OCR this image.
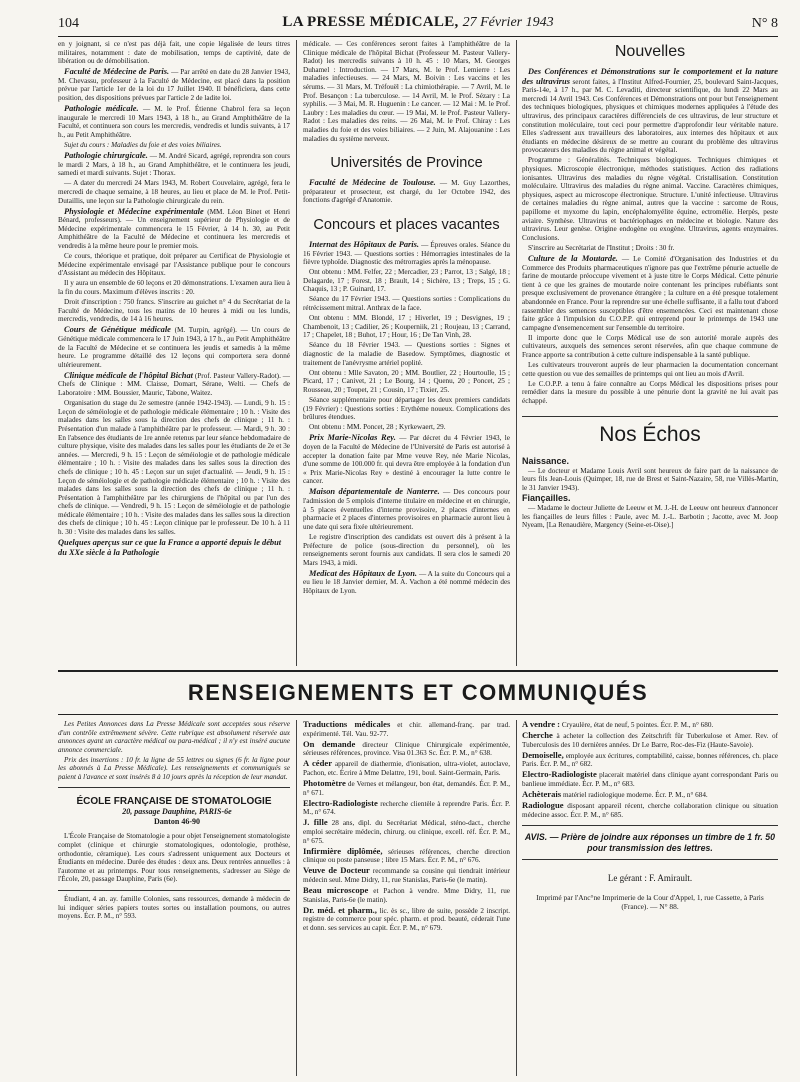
104	LA PRESSE MÉDICALE, 27 Février 1943	N° 8

en y joignant, si ce n'est pas déjà fait, une copie légalisée de leurs titres militaires, notamment : date de mobilisation, temps de captivité, date de libération ou de démobilisation.

Faculté de Médecine de Paris. — Par arrêté en date du 28 Janvier 1943, M. Chevassu, professeur à la Faculté de Médecine, est placé dans la position prévue par l'article 1er de la loi du 17 Juillet 1940. Il bénéficiera, dans cette position, des dispositions prévues par l'article 2 de ladite loi.

Pathologie médicale. — M. le Prof. Étienne Chabrol fera sa leçon inaugurale le mercredi 10 Mars 1943, à 18 h., au Grand Amphithéâtre de la Faculté, et continuera son cours les mercredis, vendredis et lundis suivants, à 17 h., au Petit Amphithéâtre.

Sujet du cours : Maladies du foie et des voies biliaires.

Pathologie chirurgicale. — M. André Sicard, agrégé, reprendra son cours le mardi 2 Mars, à 18 h., au Grand Amphithéâtre, et le continuera les jeudi, samedi et mardi suivants. Sujet : Thorax.

— A dater du mercredi 24 Mars 1943, M. Robert Couvelaire, agrégé, fera le mercredi de chaque semaine, à 18 heures, au lieu et place de M. le Prof. Petit-Dutaillis, une leçon sur la Pathologie chirurgicale du rein.

Physiologie et Médecine expérimentale (MM. Léon Binet et Henri Bénard, professeurs). — Un enseignement supérieur de Physiologie et de Médecine expérimentale commencera le 15 Février, à 14 h. 30, au Petit Amphithéâtre de la Faculté de Médecine et continuera les mercredis et vendredis à la même heure pour le premier mois.

Ce cours, théorique et pratique, doit préparer au Certificat de Physiologie et Médecine expérimentale envisagé par l'Assistance publique pour le concours d'Assistant au médecin des Hôpitaux.

Il y aura un ensemble de 60 leçons et 20 démonstrations. L'examen aura lieu à la fin du cours. Maximum d'élèves inscrits : 20.

Droit d'inscription : 750 francs. S'inscrire au guichet n° 4 du Secrétariat de la Faculté de Médecine, tous les matins de 10 heures à midi ou les lundis, mercredis, vendredis, de 14 à 16 heures.

Cours de Génétique médicale (M. Turpin, agrégé). — Un cours de Génétique médicale commencera le 17 Juin 1943, à 17 h., au Petit Amphithéâtre de la Faculté de Médecine et se continuera les jeudis et samedis à la même heure. Le programme détaillé des 12 leçons qui comportera sera donné ultérieurement.

Clinique médicale de l'hôpital Bichat (Prof. Pasteur Vallery-Radot). — Chefs de Clinique : MM. Claisse, Domart, Sérane, Welti. — Chefs de Laboratoire : MM. Boussier, Mauric, Tabone, Waitez.

Organisation du stage du 2e semestre (année 1942-1943). — Lundi, 9 h. 15 : Leçon de séméiologie et de pathologie médicale élémentaire ; 10 h. : Visite des malades dans les salles sous la direction des chefs de clinique ; 11 h. : Présentation d'un malade à l'amphithéâtre par le professeur. — Mardi, 9 h. 30 : En l'absence des étudiants de 1re année retenus par leur séance hebdomadaire de culture physique, visite des malades dans les salles pour les étudiants de 2e et 3e années. — Mercredi, 9 h. 15 : Leçon de séméiologie et de pathologie médicale élémentaire ; 10 h. : Visite des malades dans les salles sous la direction des chefs de clinique ; 10 h. 45 : Leçon sur un sujet d'actualité. — Jeudi, 9 h. 15 : Leçon de séméiologie et de pathologie médicale élémentaire ; 10 h. : Visite des malades dans les salles sous la direction des chefs de clinique ; 11 h. : Présentation à l'amphithéâtre par les chirurgiens de l'hôpital ou par l'un des chefs de clinique. — Vendredi, 9 h. 15 : Leçon de séméiologie et de pathologie médicale élémentaire ; 10 h. : Visite des malades dans les salles sous la direction des chefs de clinique ; 10 h. 45 : Leçon clinique par le professeur. De 10 h. à 11 h. 30 : Visite des malades dans les salles.

Quelques aperçus sur ce que la France a apporté depuis le début du XXe siècle à la Pathologie

médicale. — Ces conférences seront faites à l'amphithéâtre de la Clinique médicale de l'hôpital Bichat (Professeur M. Pasteur Vallery-Radot) les mercredis suivants à 10 h. 45 : 10 Mars, M. Georges Duhamel : Introduction. — 17 Mars, M. le Prof. Lemierre : Les maladies infectieuses. — 24 Mars, M. Boivin : Les vaccins et les sérums. — 31 Mars, M. Tréfouël : La chimiothérapie. — 7 Avril, M. le Prof. Besançon : La tuberculose. — 14 Avril, M. le Prof. Sézary : La syphilis. — 3 Mai, M. R. Huguenin : Le cancer. — 12 Mai : M. le Prof. Laubry : Les maladies du cœur. — 19 Mai, M. le Prof. Pasteur Vallery-Radot : Les maladies des reins. — 26 Mai, M. le Prof. Chiray : Les maladies du foie et des voies biliaires. — 2 Juin, M. Alajouanine : Les maladies du système nerveux.

Universités de Province

Faculté de Médecine de Toulouse. — M. Guy Lazorthes, préparateur et prosecteur, est chargé, du 1er Octobre 1942, des fonctions d'agrégé d'Anatomie.

Concours et places vacantes

Internat des Hôpitaux de Paris. — Épreuves orales. Séance du 16 Février 1943. — Questions sorties : Hémorragies intestinales de la fièvre typhoïde. Diagnostic des métrorragies après la ménopause.

Ont obtenu : MM. Felfer, 22 ; Mercadier, 23 ; Parrot, 13 ; Salgé, 18 ; Delagarde, 17 ; Forest, 18 ; Brault, 14 ; Sichère, 13 ; Treps, 15 ; G. Chaquis, 13 ; P. Guinard, 17.

Séance du 17 Février 1943. — Questions sorties : Complications du rétrécissement mitral. Anthrax de la face.

Ont obtenu : MM. Blondé, 17 ; Hiverlet, 19 ; Desvignes, 19 ; Chambenoit, 13 ; Cadilier, 26 ; Kouperniik, 21 ; Roujeau, 13 ; Carrand, 17 ; Chapelet, 18 ; Buhot, 17 ; Hour, 16 ; De Tan Vinh, 28.

Séance du 18 Février 1943. — Questions sorties : Signes et diagnostic de la maladie de Basedow. Symptômes, diagnostic et traitement de l'anévrysme artériel poplité.

Ont obtenu : Mlle Savaton, 20 ; MM. Boutlier, 22 ; Hourtoulle, 15 ; Picard, 17 ; Canivet, 21 ; Le Bourg, 14 ; Quenu, 20 ; Poncet, 25 ; Rousseau, 20 ; Toupet, 21 ; Cousin, 17 ; Tixier, 25.

Séance supplémentaire pour départager les deux premiers candidats (19 Février) : Questions sorties : Erythème noueux. Complications des brûlures étendues.

Ont obtenu : MM. Poncet, 28 ; Kyrkewaert, 29.

Prix Marie-Nicolas Rey. — Par décret du 4 Février 1943, le doyen de la Faculté de Médecine de l'Université de Paris est autorisé à accepter la donation faite par Mme veuve Rey, née Marie Nicolas, d'une somme de 100.000 fr. qui devra être employée à la fondation d'un « Prix Marie-Nicolas Rey » destiné à encourager la lutte contre le cancer.

Maison départementale de Nanterre. — Des concours pour l'admission de 5 emplois d'interne titulaire en médecine et en chirurgie, à 5 places éventuelles d'interne provisoire, 2 places d'internes en pharmacie et 2 places d'internes provisoires en pharmacie auront lieu à une date qui sera fixée ultérieurement.

Le registre d'inscription des candidats est ouvert dès à présent à la Préfecture de police (sous-direction du personnel), où les renseignements seront fournis aux candidats. Il sera clos le samedi 20 Mars 1943, à midi.

Medicat des Hôpitaux de Lyon. — A la suite du Concours qui a eu lieu le 18 Janvier dernier, M. A. Vachon a été nommé médecin des Hôpitaux de Lyon.

Nouvelles

Des Conférences et Démonstrations sur le comportement et la nature des ultravirus seront faites, à l'Institut Alfred-Fournier, 25, boulevard Saint-Jacques, Paris-14e, à 17 h., par M. C. Levaditi, directeur scientifique, du lundi 22 Mars au mercredi 14 Avril 1943. Ces Conférences et Démonstrations ont pour but l'enseignement des techniques biologiques, physiques et chimiques modernes appliquées à l'étude des ultravirus, des principaux caractères différenciels de ces ultravirus, de leur structure et constitution moléculaire, tout ceci pour permettre d'approfondir leur véritable nature. Elles s'adressent aux travailleurs des laboratoires, aux internes des hôpitaux et aux étudiants en médecine désireux de se mettre au courant du problème des ultravirus provocateurs des maladies du règne animal et végétal.

Programme : Généralités. Techniques biologiques. Techniques chimiques et physiques. Microscopie électronique, méthodes statistiques. Action des radiations ionisantes. Ultravirus des maladies du règne végétal. Cristallisation. Constitution moléculaire. Ultravirus des maladies du règne animal. Vaccine. Caractères chimiques, physiques, aspect au microscope électronique. Structure. L'unité infectieuse. Ultravirus de certaines maladies du règne animal, autres que la vaccine : sarcome de Rous, papillome et myxome du lapin, encéphalomyélite équine, ectromélie. Herpès, peste aviaire. Synthèse. Ultravirus et bactériophages en médecine et biologie. Nature des ultravirus. Leur genèse. Origine endogène ou exogène. Ultravirus, agents enzymaires. Conclusions.

S'inscrire au Secrétariat de l'Institut ; Droits : 30 fr.

Culture de la Moutarde. — Le Comité d'Organisation des Industries et du Commerce des Produits pharmaceutiques n'ignore pas que l'extrême pénurie actuelle de farine de moutarde préoccupe vivement et à juste titre le Corps Médical. Cette pénurie tient à ce que les graines de moutarde noire contenant les principes rubéfiants sont presque exclusivement de provenance étrangère ; la culture en a été presque totalement abandonnée en France. Pour la reprendre sur une échelle suffisante, il a fallu tout d'abord rassembler des semences susceptibles d'être ensemencées. Ceci est maintenant chose faite grâce à l'impulsion du C.O.P.P. qui entreprend pour le printemps de 1943 une campagne d'ensemencement sur l'ensemble du territoire.

Il importe donc que le Corps Médical use de son autorité morale auprès des cultivateurs, auxquels des semences seront réservées, afin que chaque commune de France apporte sa contribution à cette culture indispensable à la santé publique.

Les cultivateurs trouveront auprès de leur pharmacien la documentation concernant cette question ou vue des semailles de printemps qui ont lieu au mois d'Avril.

Le C.O.P.P. a tenu à faire connaître au Corps Médical les dispositions prises pour remédier dans la mesure du possible à une pénurie dont la gravité ne lui avait pas échappé.

Nos Échos

Naissance.

— Le docteur et Madame Louis Avril sont heureux de faire part de la naissance de leurs fils Jean-Louis (Quimper, 18, rue de Brest et Saint-Nazaire, 58, rue Villès-Martin, le 31 Janvier 1943).

Fiançailles.

— Madame le docteur Juliette de Leeuw et M. J.-H. de Leeuw ont heureux d'annoncer les fiançailles de leurs filles : Paule, avec M. J.-L. Barbotin ; Jacotte, avec M. Joop Nyeam, [La Renaudière, Margency (Seine-et-Oise).]

RENSEIGNEMENTS ET COMMUNIQUÉS

Les Petites Annonces dans La Presse Médicale sont acceptées sous réserve d'un contrôle extrêmement sévère. Cette rubrique est absolument réservée aux annonces ayant un caractère médical ou para-médical ; il n'y est inséré aucune annonce commerciale.

Prix des insertions : 10 fr. la ligne de 55 lettres ou signes (6 fr. la ligne pour les abonnés à La Presse Médicale). Les renseignements et communiqués se paient à l'avance et sont insérés 8 à 10 jours après la réception de leur mandat.

ÉCOLE FRANÇAISE DE STOMATOLOGIE

20, passage Dauphine, PARIS-6e

Danton 46-90

L'École Française de Stomatologie a pour objet l'enseignement stomatologiste complet (clinique et chirurgie stomatologiques, odontologie, prothèse, orthodontie, céramique). Les cours s'adressent uniquement aux Docteurs et Étudiants en médecine. Durée des études : deux ans. Deux rentrées annuelles : à l'automne et au printemps. Pour tous renseignements, s'adresser au Siège de l'École, 20, passage Dauphine, Paris (6e).

Étudiant, 4 an. ay. famille Colonies, sans ressources, demande à médecin de lui indiquer séries papiers toutes sortes ou installation poumons, ou autres moyens. Écr. P. M., n° 593.

Traductions médicales et chir. allemand-franç. par trad. expérimenté. Tél. Vau. 92-77.

On demande directeur Clinique Chirurgicale expérimentée, sérieuses références, province. Visa 01.363 Sc. Écr. P. M., n° 638.

A céder appareil de diathermie, d'ionisation, ultra-violet, autoclave, Pachon, etc. Écrire à Mme Delattre, 191, boul. Saint-Germain, Paris.

Photomètre de Vernes et mélangeur, bon état, demandés. Écr. P. M., n° 671.

Electro-Radiologiste recherche clientèle à reprendre Paris. Écr. P. M., n° 674.

J. fille 28 ans, dipl. du Secrétariat Médical, sténo-dact., cherche emploi secrétaire médecin, chirurg. ou clinique, excell. réf. Écr. P. M., n° 675.

Infirmière diplômée, sérieuses références, cherche direction clinique ou poste panseuse ; libre 15 Mars. Écr. P. M., n° 676.

Veuve de Docteur recommande sa cousine qui tiendrait intérieur médecin seul. Mme Didry, 11, rue Stanislas, Paris-6e (le matin).

Beau microscope et Pachon à vendre. Mme Didry, 11, rue Stanislas, Paris-6e (le matin).

Dr. méd. et pharm., lic. ès sc., libre de suite, possède 2 inscript. registre de commerce pour spéc. pharm. et prod. beauté, céderait l'une et donn. ses services au capit. Écr. P. M., n° 679.

A vendre : Cryaulère, état de neuf, 5 pointes. Écr. P. M., n° 680.

Cherche à acheter la collection des Zeitschrift für Tuberkulose et Amer. Rev. of Tuberculosis des 10 dernières années. Dr Le Barre, Roc-des-Fiz (Haute-Savoie).

Demoiselle, employée aux écritures, comptabilité, caisse, bonnes références, ch. place Paris. Écr. P. M., n° 682.

Electro-Radiologiste placerait matériel dans clinique ayant correspondant Paris ou banlieue immédiate. Écr. P. M., n° 683.

Achèterais matériel radiologique moderne. Écr. P. M., n° 684.

Radiologue disposant appareil récent, cherche collaboration clinique ou situation médecine assoc. Écr. P. M., n° 685.

AVIS. — Prière de joindre aux réponses un timbre de 1 fr. 50 pour transmission des lettres.
Le gérant : F. Amirault.
Imprimé par l'Anc°ne Imprimerie de la Cour d'Appel, 1, rue Cassette, à Paris (France). — N° 88.
